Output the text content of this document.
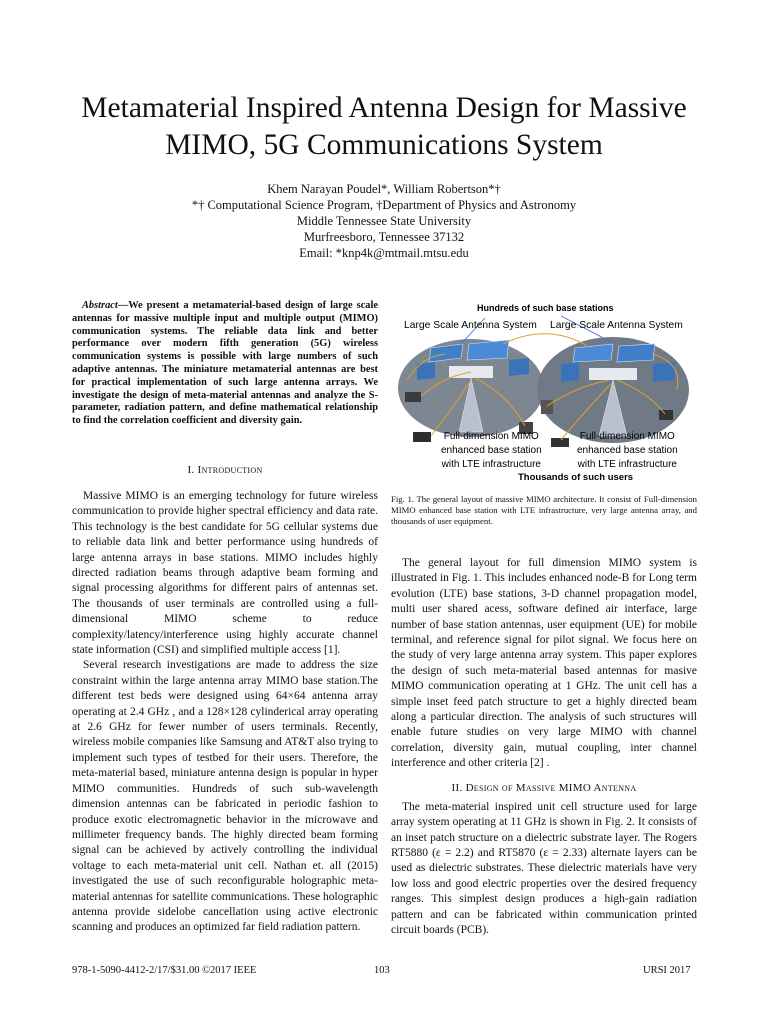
Metamaterial Inspired Antenna Design for Massive
MIMO, 5G Communications System
Khem Narayan Poudel*, William Robertson*†
*† Computational Science Program, †Department of Physics and Astronomy
Middle Tennessee State University
Murfreesboro, Tennessee 37132
Email: *knp4k@mtmail.mtsu.edu

Abstract—We present a metamaterial-based design of large scale antennas for massive multiple input and multiple output (MIMO) communication systems. The reliable data link and better performance over modern fifth generation (5G) wireless communication systems is possible with large numbers of such adaptive antennas. The miniature metamaterial antennas are best for practical implementation of such large antenna arrays. We investigate the design of meta-material antennas and analyze the S-parameter, radiation pattern, and define mathematical relationship to find the correlation coefficient and diversity gain.

I. Introduction

Massive MIMO is an emerging technology for future wireless communication to provide higher spectral efficiency and data rate. This technology is the best candidate for 5G cellular systems due to reliable data link and better performance using hundreds of large antenna arrays in base stations. MIMO includes highly directed radiation beams through adaptive beam forming and signal processing algorithms for different pairs of antennas set. The thousands of user terminals are controlled using a full-dimensional MIMO scheme to reduce complexity/latency/interference using highly accurate channel state information (CSI) and simplified multiple access [1].

Several research investigations are made to address the size constraint within the large antenna array MIMO base station.The different test beds were designed using 64×64 antenna array operating at 2.4 GHz , and a 128×128 cylinderical array operating at 2.6 GHz for fewer number of users terminals. Recently, wireless mobile companies like Samsung and AT&T also trying to implement such types of testbed for their users. Therefore, the meta-material based, miniature antenna design is popular in hyper MIMO communities. Hundreds of such sub-wavelength dimension antennas can be fabricated in periodic fashion to produce exotic electromagnetic behavior in the microwave and millimeter frequency bands. The highly directed beam forming signal can be achieved by actively controlling the individual voltage to each meta-material unit cell. Nathan et. all (2015) investigated the use of such reconfigurable holographic meta-material antennas for satellite communications. These holographic antenna provide sidelobe cancellation using active electronic scanning and produces an optimized far field radiation pattern.

Hundreds of such base stations
Large Scale Antenna System Large Scale Antenna System
Full-dimension MIMO
enhanced base station
with LTE infrastructure
Full-dimension MIMO
enhanced base station
with LTE infrastructure
Thousands of such users
Fig. 1. The general layout of massive MIMO architecture. It consist of Full-dimension MIMO enhanced base station with LTE infrastructure, very large antenna array, and thousands of user equipment.

The general layout for full dimension MIMO system is illustrated in Fig. 1. This includes enhanced node-B for Long term evolution (LTE) base stations, 3-D channel propagation model, multi user shared acess, software defined air interface, large number of base station antennas, user equipment (UE) for mobile terminal, and reference signal for pilot signal. We focus here on the study of very large antenna array system. This paper explores the design of such meta-material based antennas for masive MIMO communication operating at 1 GHz. The unit cell has a simple inset feed patch structure to get a highly directed beam along a particular direction. The analysis of such structures will enable future studies on very large MIMO with channel correlation, diversity gain, mutual coupling, inter channel interference and other criteria [2] .

II. Design of Massive MIMO Antenna

The meta-material inspired unit cell structure used for large array system operating at 11 GHz is shown in Fig. 2. It consists of an inset patch structure on a dielectric substrate layer. The Rogers RT5880 (ε = 2.2) and RT5870 (ε = 2.33) alternate layers can be used as dielectric substrates. These dielectric materials have very low loss and good electric properties over the desired frequency ranges. This simplest design produces a high-gain radiation pattern and can be fabricated within communication printed circuit boards (PCB).

978-1-5090-4412-2/17/$31.00 ©2017 IEEE	103	URSI 2017
